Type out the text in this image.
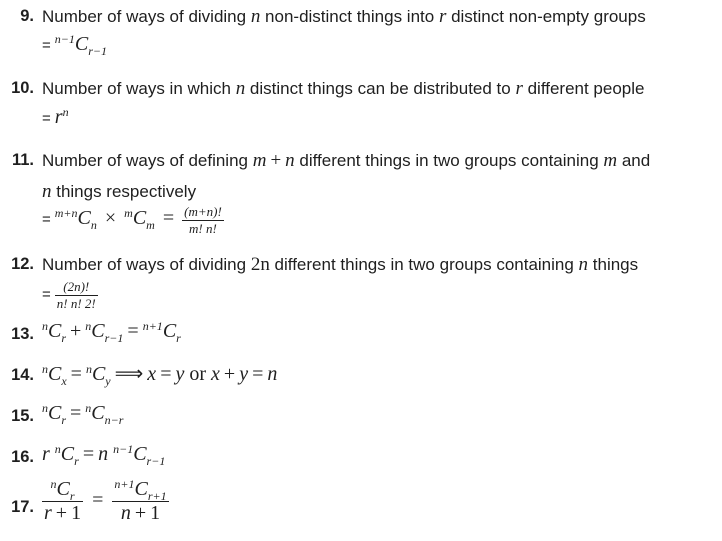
9. Number of ways of dividing n non-distinct things into r distinct non-empty groups
= $^{n-1}C_{r-1}$
10. Number of ways in which n distinct things can be distributed to r different people
= $r^n$
11. Number of ways of defining m + n different things in two groups containing m and
n things respectively
= $^{m+n}C_n \times ^mC_m = \frac{(m+n)!}{m! n!}$
12. Number of ways of dividing 2n different things in two groups containing n things
= $\frac{(2n)!}{n! n! 2!}$
13. $^nC_r + ^nC_{r-1} = ^{n+1}C_r$
14. $^nC_x = ^nC_y$ ⟹ x = y or x + y = n
15. $^nC_r = ^nC_{n-r}$
16. r $^nC_r = n$ $^{n-1}C_{r-1}$
17. $\frac{^nC_r}{r + 1} = \frac{^{n+1}C_{r+1}}{n + 1}$
